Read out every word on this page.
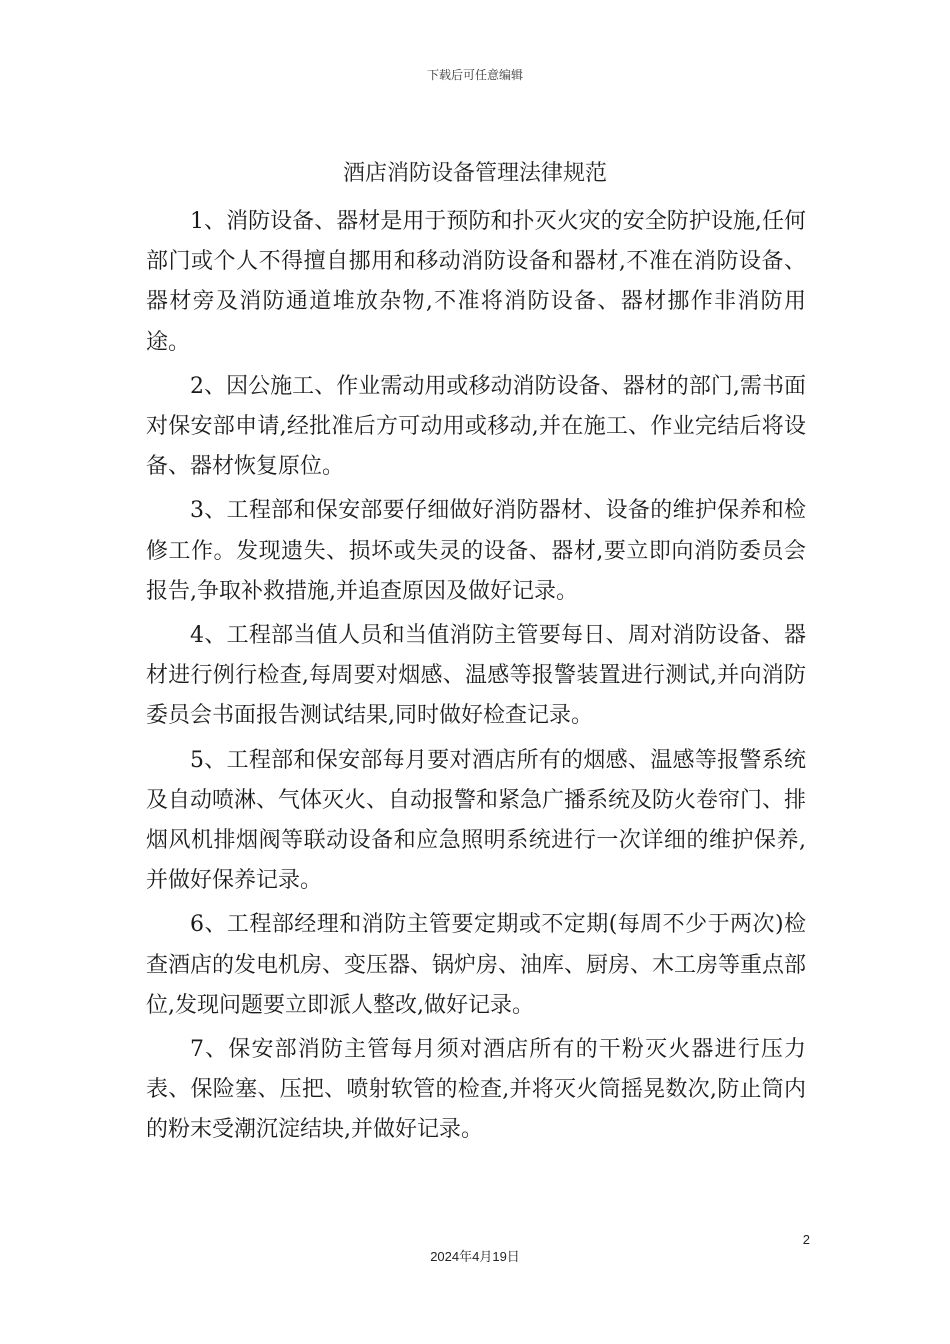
下载后可任意编辑
酒店消防设备管理法律规范

1、消防设备、器材是用于预防和扑灭火灾的安全防护设施,任何部门或个人不得擅自挪用和移动消防设备和器材,不准在消防设备、器材旁及消防通道堆放杂物,不准将消防设备、器材挪作非消防用途。

2、因公施工、作业需动用或移动消防设备、器材的部门,需书面对保安部申请,经批准后方可动用或移动,并在施工、作业完结后将设备、器材恢复原位。

3、工程部和保安部要仔细做好消防器材、设备的维护保养和检修工作。发现遗失、损坏或失灵的设备、器材,要立即向消防委员会报告,争取补救措施,并追查原因及做好记录。

4、工程部当值人员和当值消防主管要每日、周对消防设备、器材进行例行检查,每周要对烟感、温感等报警装置进行测试,并向消防委员会书面报告测试结果,同时做好检查记录。

5、工程部和保安部每月要对酒店所有的烟感、温感等报警系统及自动喷淋、气体灭火、自动报警和紧急广播系统及防火卷帘门、排烟风机排烟阀等联动设备和应急照明系统进行一次详细的维护保养,并做好保养记录。

6、工程部经理和消防主管要定期或不定期(每周不少于两次)检查酒店的发电机房、变压器、锅炉房、油库、厨房、木工房等重点部位,发现问题要立即派人整改,做好记录。

7、保安部消防主管每月须对酒店所有的干粉灭火器进行压力表、保险塞、压把、喷射软管的检查,并将灭火筒摇晃数次,防止筒内的粉末受潮沉淀结块,并做好记录。

2
2024年4月19日
